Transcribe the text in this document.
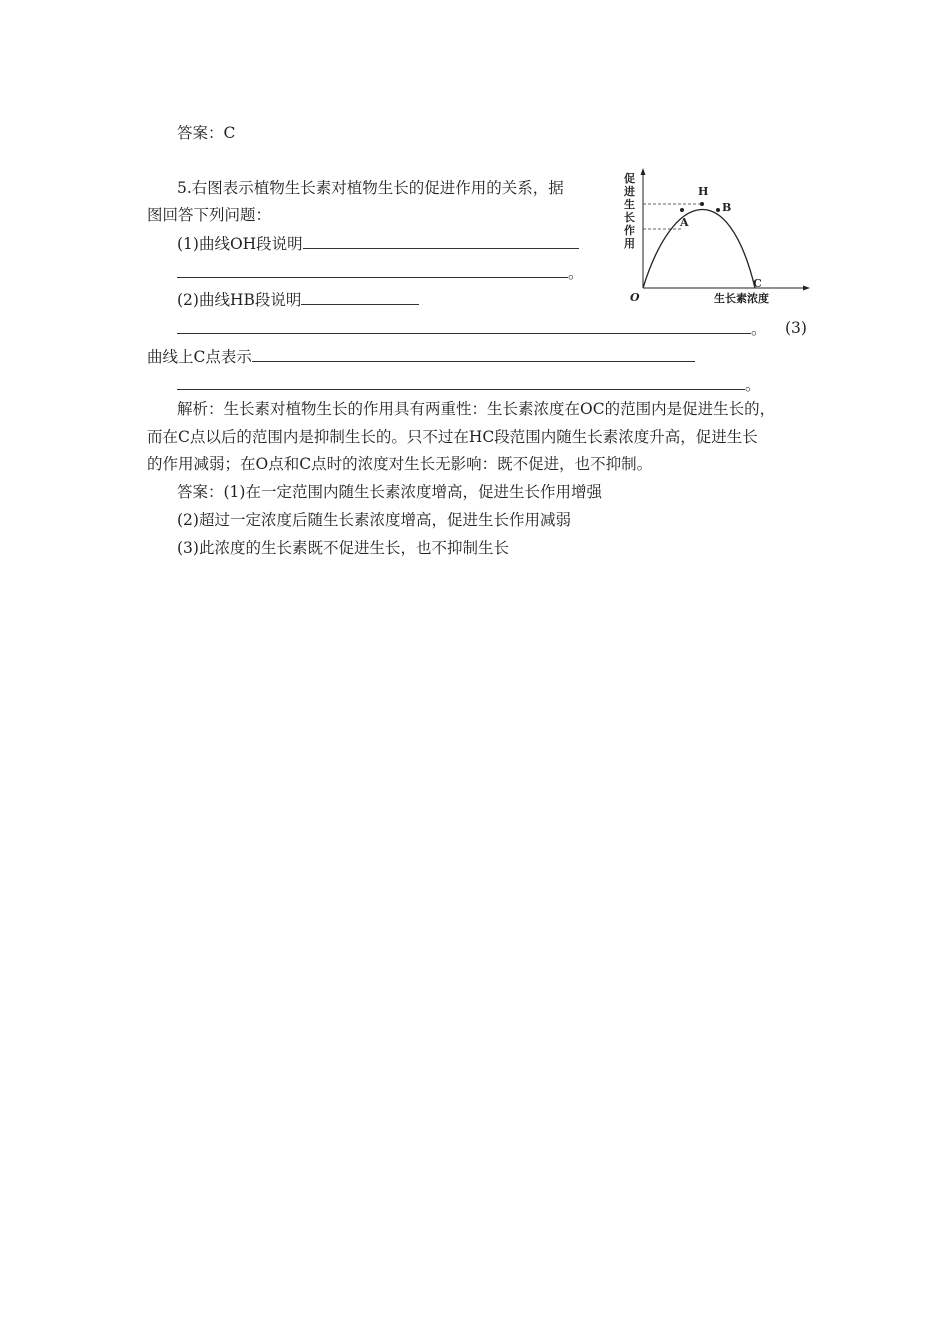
答案：C
5.右图表示植物生长素对植物生长的促进作用的关系，据
图回答下列问题：
(1)曲线OH段说明
。
(2)曲线HB段说明
。 (3)
曲线上C点表示
。
促
进
生
长
作
用
H
A
B
C
O	生长素浓度
解析：生长素对植物生长的作用具有两重性：生长素浓度在OC的范围内是促进生长的，
而在C点以后的范围内是抑制生长的。只不过在HC段范围内随生长素浓度升高，促进生长
的作用减弱；在O点和C点时的浓度对生长无影响：既不促进，也不抑制。
答案：(1)在一定范围内随生长素浓度增高，促进生长作用增强
(2)超过一定浓度后随生长素浓度增高，促进生长作用减弱
(3)此浓度的生长素既不促进生长，也不抑制生长
